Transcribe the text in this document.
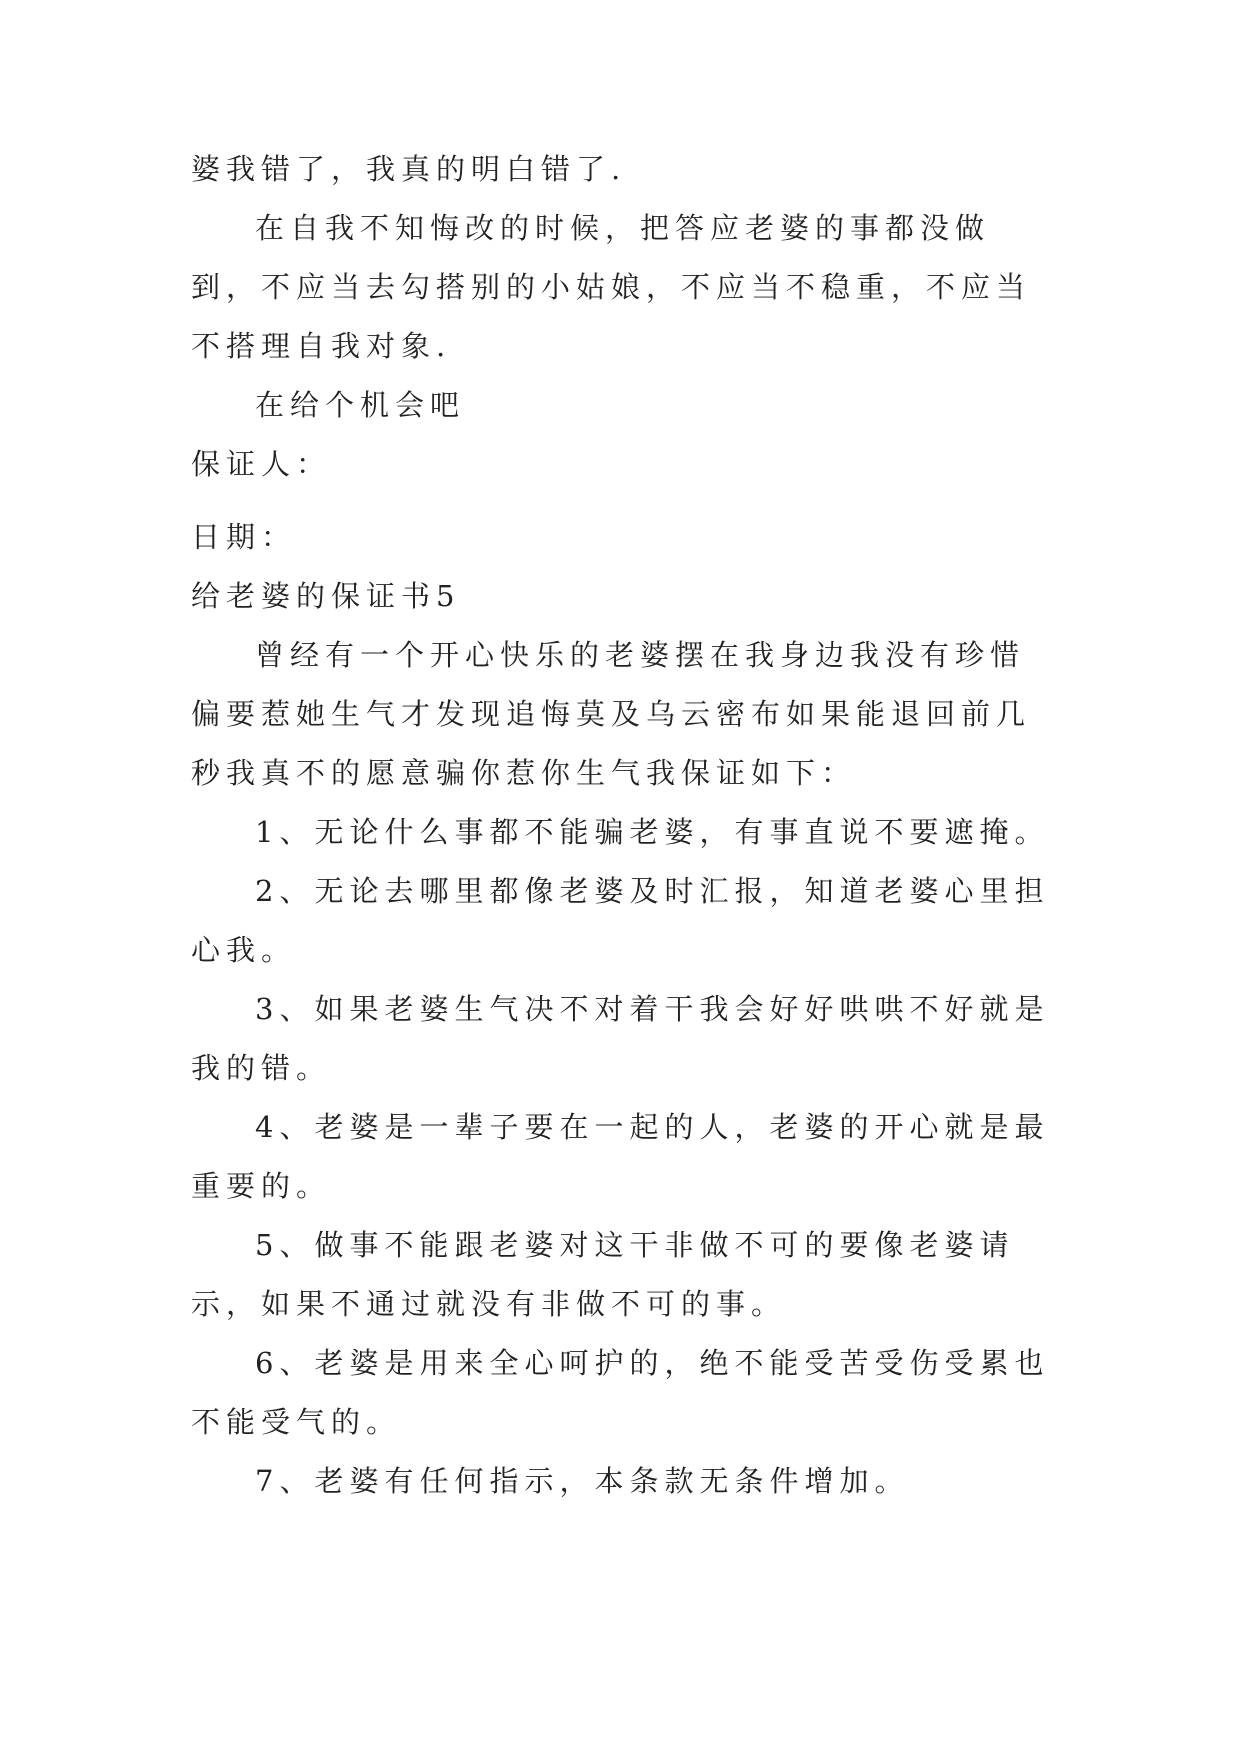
婆我错了，我真的明白错了.

在自我不知悔改的时候，把答应老婆的事都没做到，不应当去勾搭别的小姑娘，不应当不稳重，不应当不搭理自我对象.

在给个机会吧

保证人：

日期：

给老婆的保证书5

曾经有一个开心快乐的老婆摆在我身边我没有珍惜偏要惹她生气才发现追悔莫及乌云密布如果能退回前几秒我真不的愿意骗你惹你生气我保证如下：

1、无论什么事都不能骗老婆，有事直说不要遮掩。

2、无论去哪里都像老婆及时汇报，知道老婆心里担心我。

3、如果老婆生气决不对着干我会好好哄哄不好就是我的错。

4、老婆是一辈子要在一起的人，老婆的开心就是最重要的。

5、做事不能跟老婆对这干非做不可的要像老婆请示，如果不通过就没有非做不可的事。

6、老婆是用来全心呵护的，绝不能受苦受伤受累也不能受气的。

7、老婆有任何指示，本条款无条件增加。
